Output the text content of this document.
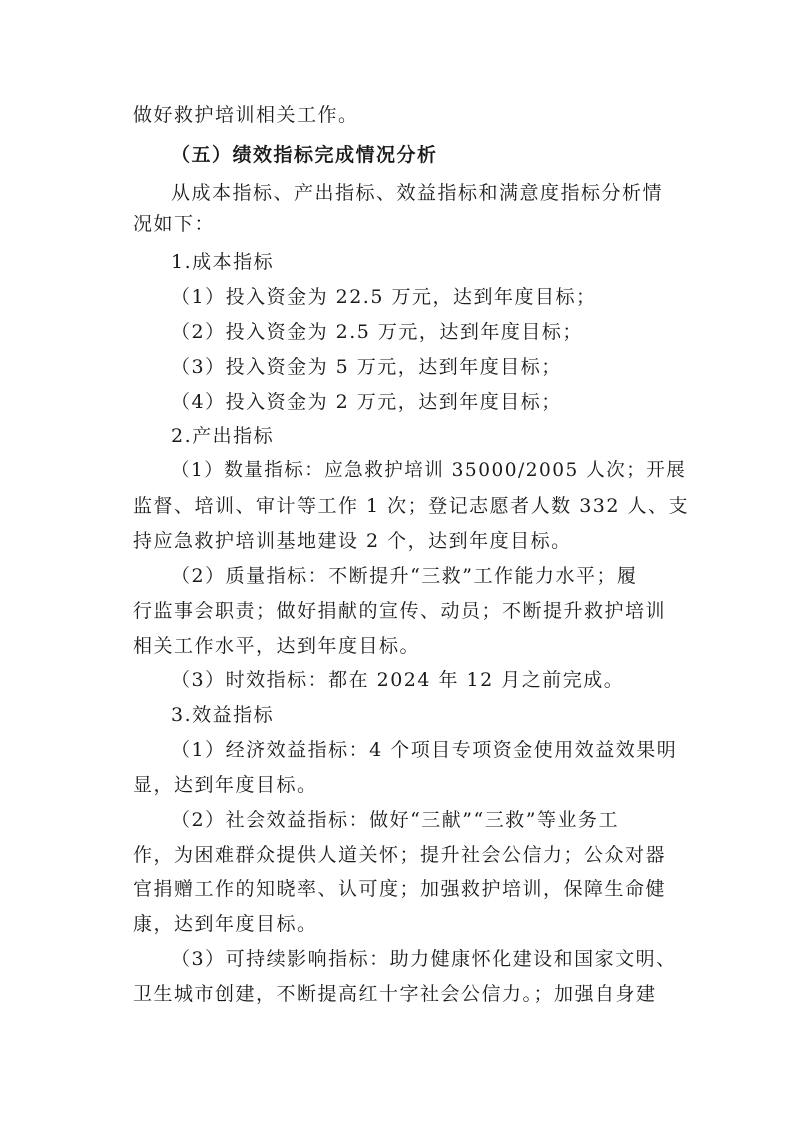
做好救护培训相关工作。
（五）绩效指标完成情况分析
从成本指标、产出指标、效益指标和满意度指标分析情
况如下：
1.成本指标
（1）投入资金为 22.5 万元，达到年度目标；
（2）投入资金为 2.5 万元，达到年度目标；
（3）投入资金为 5 万元，达到年度目标；
（4）投入资金为 2 万元，达到年度目标；
2.产出指标
（1）数量指标：应急救护培训 35000/2005 人次；开展
监督、培训、审计等工作 1 次；登记志愿者人数 332 人、支
持应急救护培训基地建设 2 个，达到年度目标。
（2）质量指标：不断提升“三救”工作能力水平；履
行监事会职责；做好捐献的宣传、动员；不断提升救护培训
相关工作水平，达到年度目标。
（3）时效指标：都在 2024 年 12 月之前完成。
3.效益指标
（1）经济效益指标：4 个项目专项资金使用效益效果明
显，达到年度目标。
（2）社会效益指标：做好“三献”“三救”等业务工
作，为困难群众提供人道关怀；提升社会公信力；公众对器
官捐赠工作的知晓率、认可度；加强救护培训，保障生命健
康，达到年度目标。
（3）可持续影响指标：助力健康怀化建设和国家文明、
卫生城市创建，不断提高红十字社会公信力。；加强自身建
